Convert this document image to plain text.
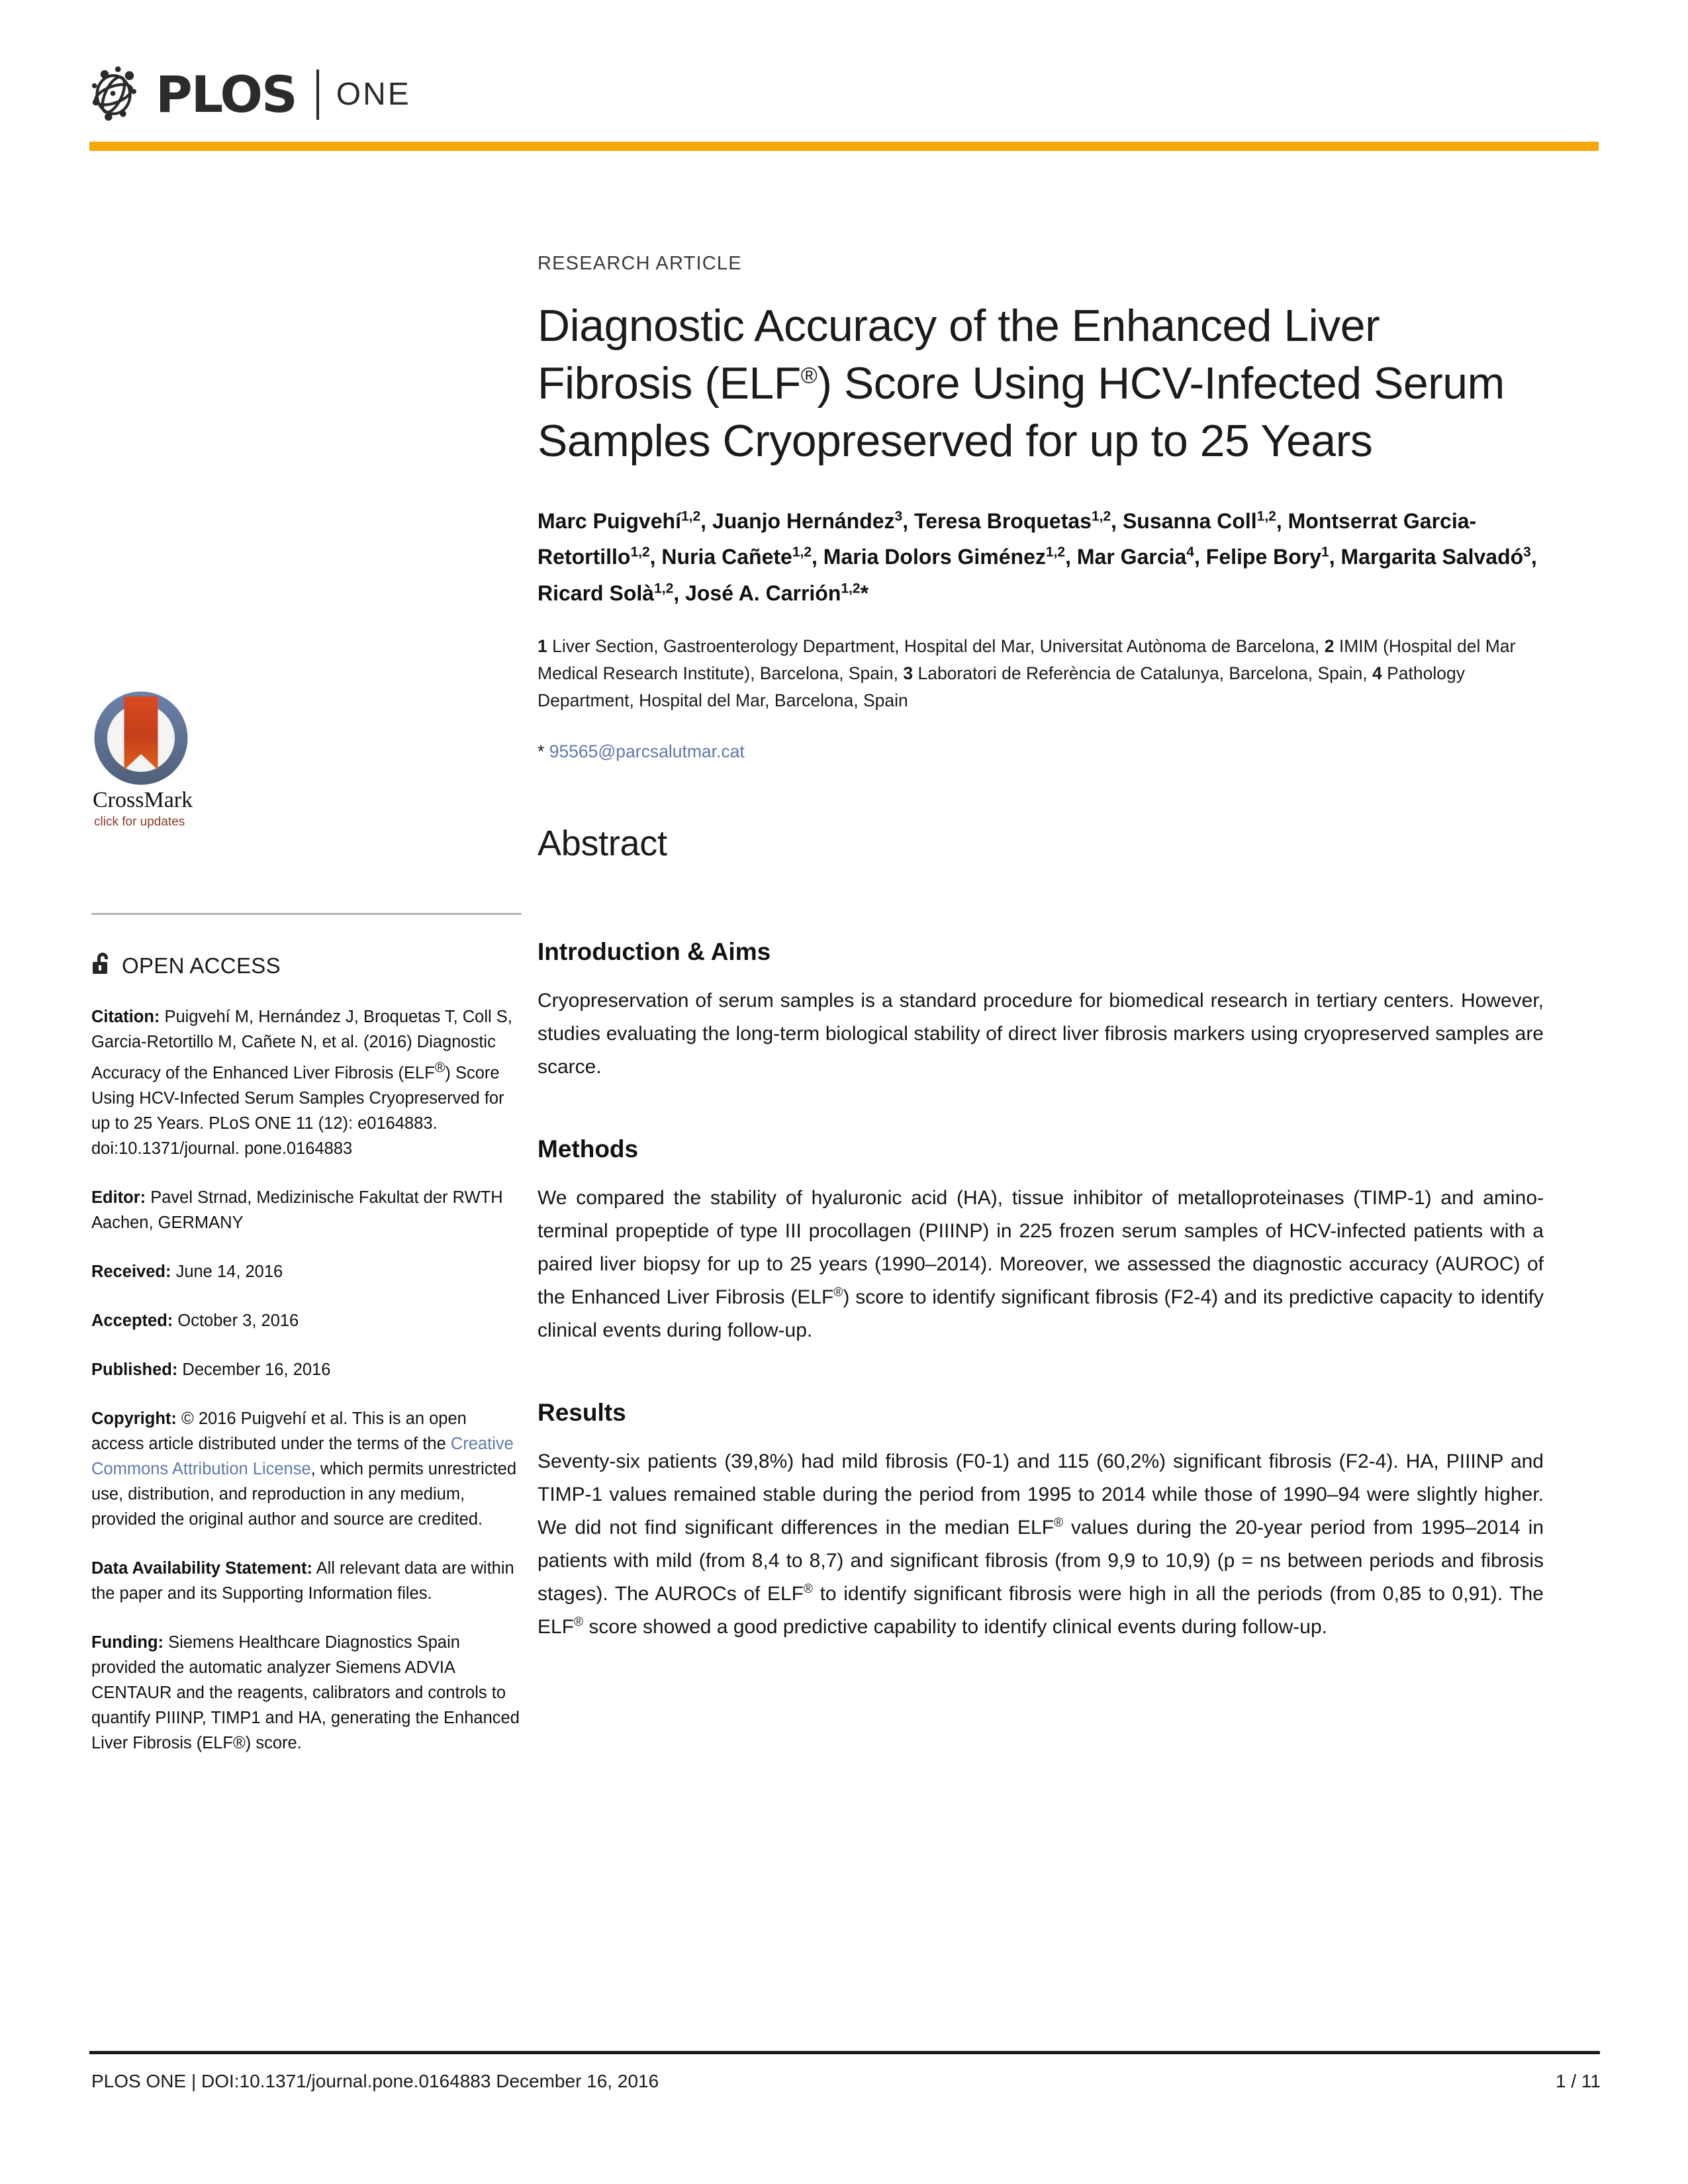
PLOS ONE
CrossMark
click for updates
OPEN ACCESS
Citation: Puigvehí M, Hernández J, Broquetas T, Coll S, Garcia-Retortillo M, Cañete N, et al. (2016) Diagnostic Accuracy of the Enhanced Liver Fibrosis (ELF®) Score Using HCV-Infected Serum Samples Cryopreserved for up to 25 Years. PLoS ONE 11 (12): e0164883. doi:10.1371/journal. pone.0164883
Editor: Pavel Strnad, Medizinische Fakultat der RWTH Aachen, GERMANY
Received: June 14, 2016
Accepted: October 3, 2016
Published: December 16, 2016
Copyright: © 2016 Puigvehí et al. This is an open access article distributed under the terms of the Creative Commons Attribution License, which permits unrestricted use, distribution, and reproduction in any medium, provided the original author and source are credited.
Data Availability Statement: All relevant data are within the paper and its Supporting Information files.
Funding: Siemens Healthcare Diagnostics Spain provided the automatic analyzer Siemens ADVIA CENTAUR and the reagents, calibrators and controls to quantify PIIINP, TIMP1 and HA, generating the Enhanced Liver Fibrosis (ELF®) score.
RESEARCH ARTICLE
Diagnostic Accuracy of the Enhanced Liver Fibrosis (ELF®) Score Using HCV-Infected Serum Samples Cryopreserved for up to 25 Years
Marc Puigvehí$^{1,2}$, Juanjo Hernández$^3$, Teresa Broquetas$^{1,2}$, Susanna Coll$^{1,2}$, Montserrat Garcia-Retortillo$^{1,2}$, Nuria Cañete$^{1,2}$, Maria Dolors Giménez$^{1,2}$, Mar Garcia$^4$, Felipe Bory$^1$, Margarita Salvadó$^3$, Ricard Solà$^{1,2}$, José A. Carrión$^{1,2}$*
1 Liver Section, Gastroenterology Department, Hospital del Mar, Universitat Autònoma de Barcelona, 2 IMIM (Hospital del Mar Medical Research Institute), Barcelona, Spain, 3 Laboratori de Referència de Catalunya, Barcelona, Spain, 4 Pathology Department, Hospital del Mar, Barcelona, Spain
* 95565@parcsalutmar.cat
Abstract
Introduction & Aims

Cryopreservation of serum samples is a standard procedure for biomedical research in tertiary centers. However, studies evaluating the long-term biological stability of direct liver fibrosis markers using cryopreserved samples are scarce.

Methods

We compared the stability of hyaluronic acid (HA), tissue inhibitor of metalloproteinases (TIMP-1) and amino-terminal propeptide of type III procollagen (PIIINP) in 225 frozen serum samples of HCV-infected patients with a paired liver biopsy for up to 25 years (1990–2014). Moreover, we assessed the diagnostic accuracy (AUROC) of the Enhanced Liver Fibrosis (ELF®) score to identify significant fibrosis (F2-4) and its predictive capacity to identify clinical events during follow-up.

Results

Seventy-six patients (39,8%) had mild fibrosis (F0-1) and 115 (60,2%) significant fibrosis (F2-4). HA, PIIINP and TIMP-1 values remained stable during the period from 1995 to 2014 while those of 1990–94 were slightly higher. We did not find significant differences in the median ELF® values during the 20-year period from 1995–2014 in patients with mild (from 8,4 to 8,7) and significant fibrosis (from 9,9 to 10,9) (p = ns between periods and fibrosis stages). The AUROCs of ELF® to identify significant fibrosis were high in all the periods (from 0,85 to 0,91). The ELF® score showed a good predictive capability to identify clinical events during follow-up.

PLOS ONE | DOI:10.1371/journal.pone.0164883 December 16, 2016	1 / 11
